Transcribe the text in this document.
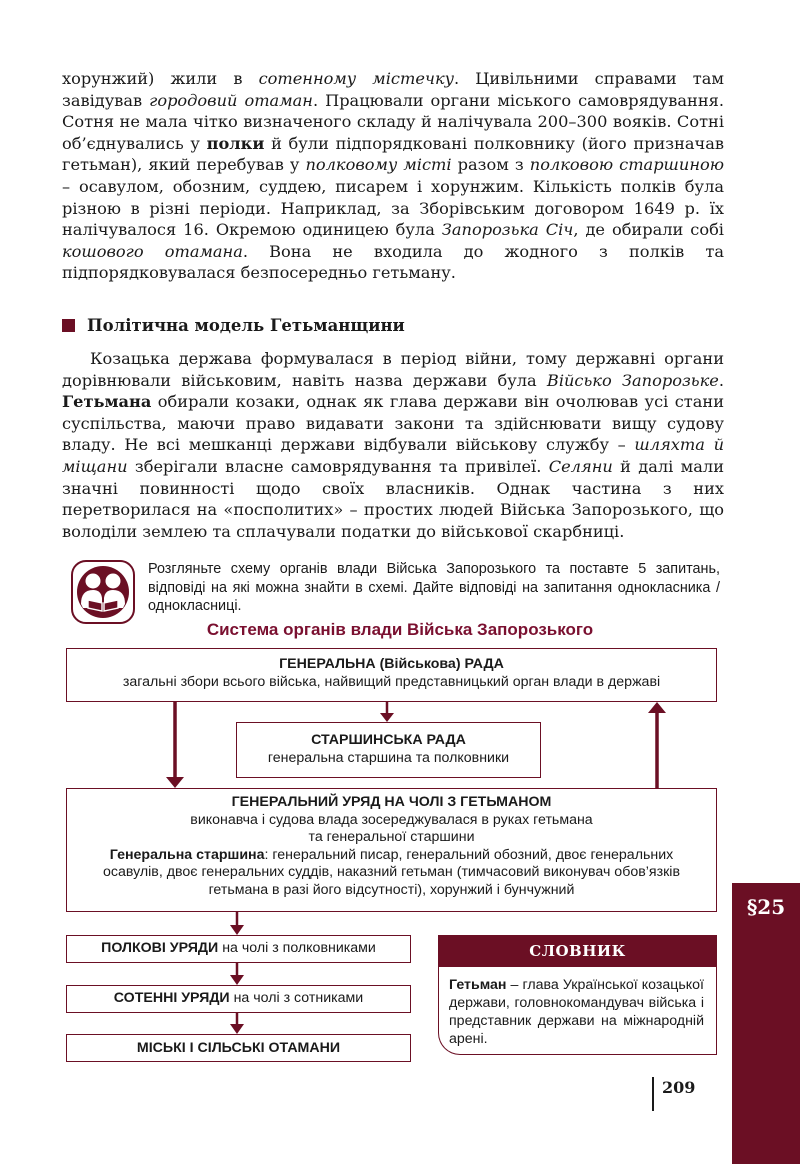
хорунжий) жили в сотенному містечку. Цивільними справами там завідував городовий отаман. Працювали органи міського самоврядування. Сотня не мала чітко визначеного складу й налічувала 200–300 вояків. Сотні об’єднувались у полки й були підпорядковані полковнику (його призначав гетьман), який перебував у полковому місті разом з полковою старшиною – осавулом, обозним, суддею, писарем і хорунжим. Кількість полків була різною в різні періоди. Наприклад, за Зборівським договором 1649 р. їх налічувалося 16. Окремою одиницею була Запорозька Січ, де обирали собі кошового отамана. Вона не входила до жодного з полків та підпорядковувалася безпосередньо гетьману.

Політична модель Гетьманщини

Козацька держава формувалася в період війни, тому державні органи дорівнювали військовим, навіть назва держави була Військо Запорозьке. Гетьмана обирали козаки, однак як глава держави він очолював усі стани суспільства, маючи право видавати закони та здійснювати вищу судову владу. Не всі мешканці держави відбували військову службу – шляхта й міщани зберігали власне самоврядування та привілеї. Селяни й далі мали значні повинності щодо своїх власників. Однак частина з них перетворилася на «посполитих» – простих людей Війська Запорозького, що володіли землею та сплачували податки до військової скарбниці.

Розгляньте схему органів влади Війська Запорозького та поставте 5 запитань, відповіді на які можна знайти в схемі. Дайте відповіді на запитання однокласника / однокласниці.
Система органів влади Війська Запорозького
ГЕНЕРАЛЬНА (Військова) РАДА
загальні збори всього війська, найвищий представницький орган влади в державі
СТАРШИНСЬКА РАДА
генеральна старшина та полковники
ГЕНЕРАЛЬНИЙ УРЯД НА ЧОЛІ З ГЕТЬМАНОМ
виконавча і судова влада зосереджувалася в руках гетьмана
та генеральної старшини
Генеральна старшина: генеральний писар, генеральний обозний, двоє генеральних осавулів, двоє генеральних суддів, наказний гетьман (тимчасовий виконувач обов’язків гетьмана в разі його відсутності), хорунжий і бунчужний
ПОЛКОВІ УРЯДИ на чолі з полковниками
СОТЕННІ УРЯДИ на чолі з сотниками
МІСЬКІ І СІЛЬСЬКІ ОТАМАНИ
СЛОВНИК
Гетьман – глава Української козацької держави, головнокомандувач війська і представник держави на міжнародній арені.
§25
209
